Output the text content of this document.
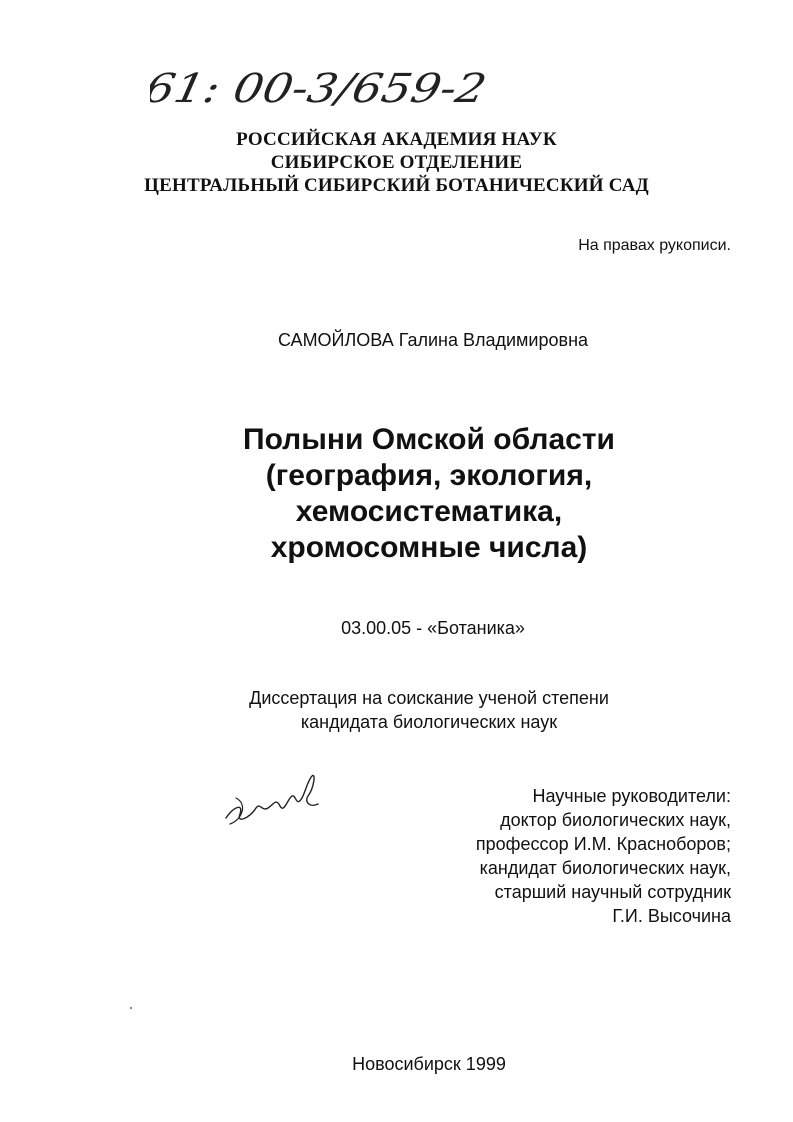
61: 00-3/659-2
РОССИЙСКАЯ АКАДЕМИЯ НАУК
СИБИРСКОЕ ОТДЕЛЕНИЕ
ЦЕНТРАЛЬНЫЙ СИБИРСКИЙ БОТАНИЧЕСКИЙ САД
На правах рукописи.
САМОЙЛОВА Галина Владимировна
Полыни Омской области
(география, экология,
хемосистематика,
хромосомные числа)
03.00.05 - «Ботаника»
Диссертация на соискание ученой степени
кандидата биологических наук
Научные руководители:
доктор биологических наук,
профессор И.М. Красноборов;
кандидат биологических наук,
старший научный сотрудник
Г.И. Высочина
Новосибирск 1999
